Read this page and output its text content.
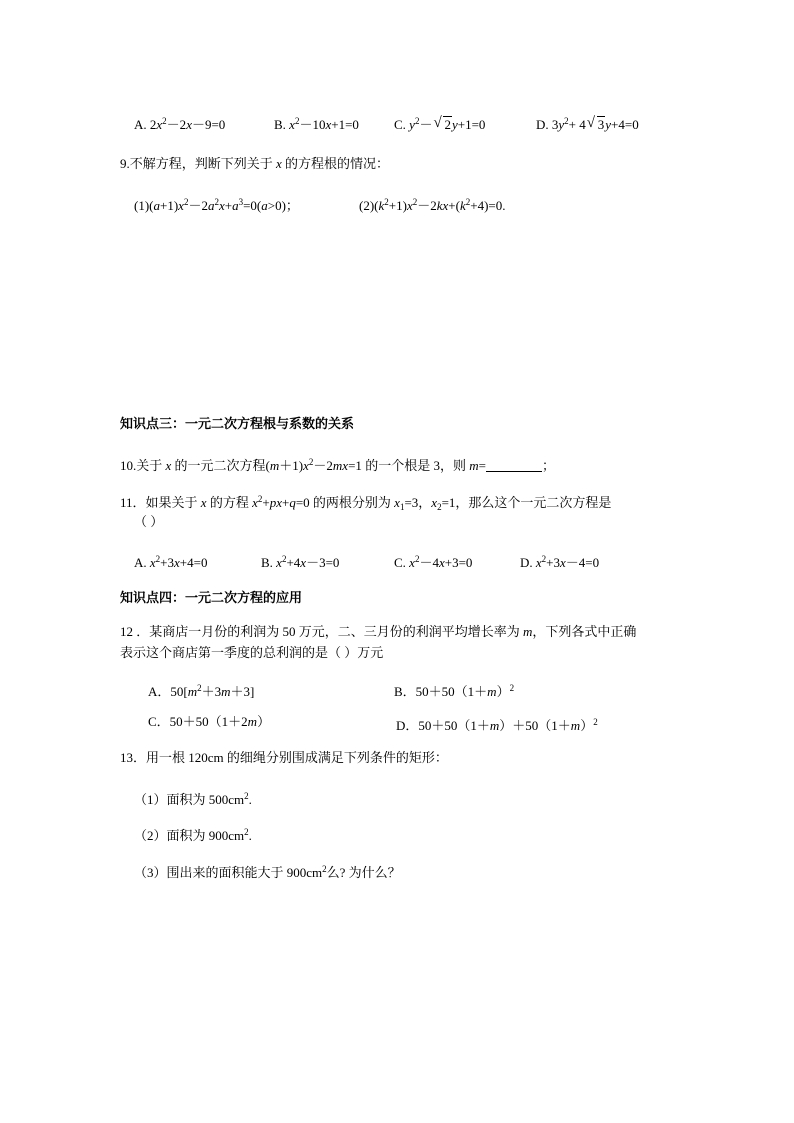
A. $2x^2-2x-9=0$	B. $x^2-10x+1=0$	C. $y^2-√$ 2y+1=0	D. $3y^2+ 4√$ 3y+4=0
9.不解方程，判断下列关于 x 的方程根的情况：
$(1)(a+1)x^2-2a^2x+a^3=0(a>0)$；	$(2)(k^2+1)x^2-2kx+(k^2+4)=0$.
知识点三：一元二次方程根与系数的关系
10.关于 x 的一元二次方程$(m+1)x^2-2mx=1$ 的一个根是 3，则 m=	；
11．如果关于 x 的方程 $x^2+px+q=0$ 的两根分别为 $x_1=3$，$x_2=1$，那么这个一元二次方程是
（ ）
A. $x^2+3x+4=0$	B. $x^2+4x-3=0$	C. $x^2-4x+3=0$	D. $x^2+3x-4=0$
知识点四：一元二次方程的应用
12 ．某商店一月份的利润为 50 万元，二、三月份的利润平均增长率为 m，下列各式中正确
表示这个商店第一季度的总利润的是（ ）万元
A．$50[m^2+3m+3]$	B．$50+50(1+m)^2$
C．50＋50（1＋2m）	D．$50+50(1+m)+50(1+m)^2$
13．用一根 120cm 的细绳分别围成满足下列条件的矩形：
（1）面积为 $500cm^2$.
（2）面积为 $900cm^2$.
（3）围出来的面积能大于 $900cm^2$么? 为什么？
